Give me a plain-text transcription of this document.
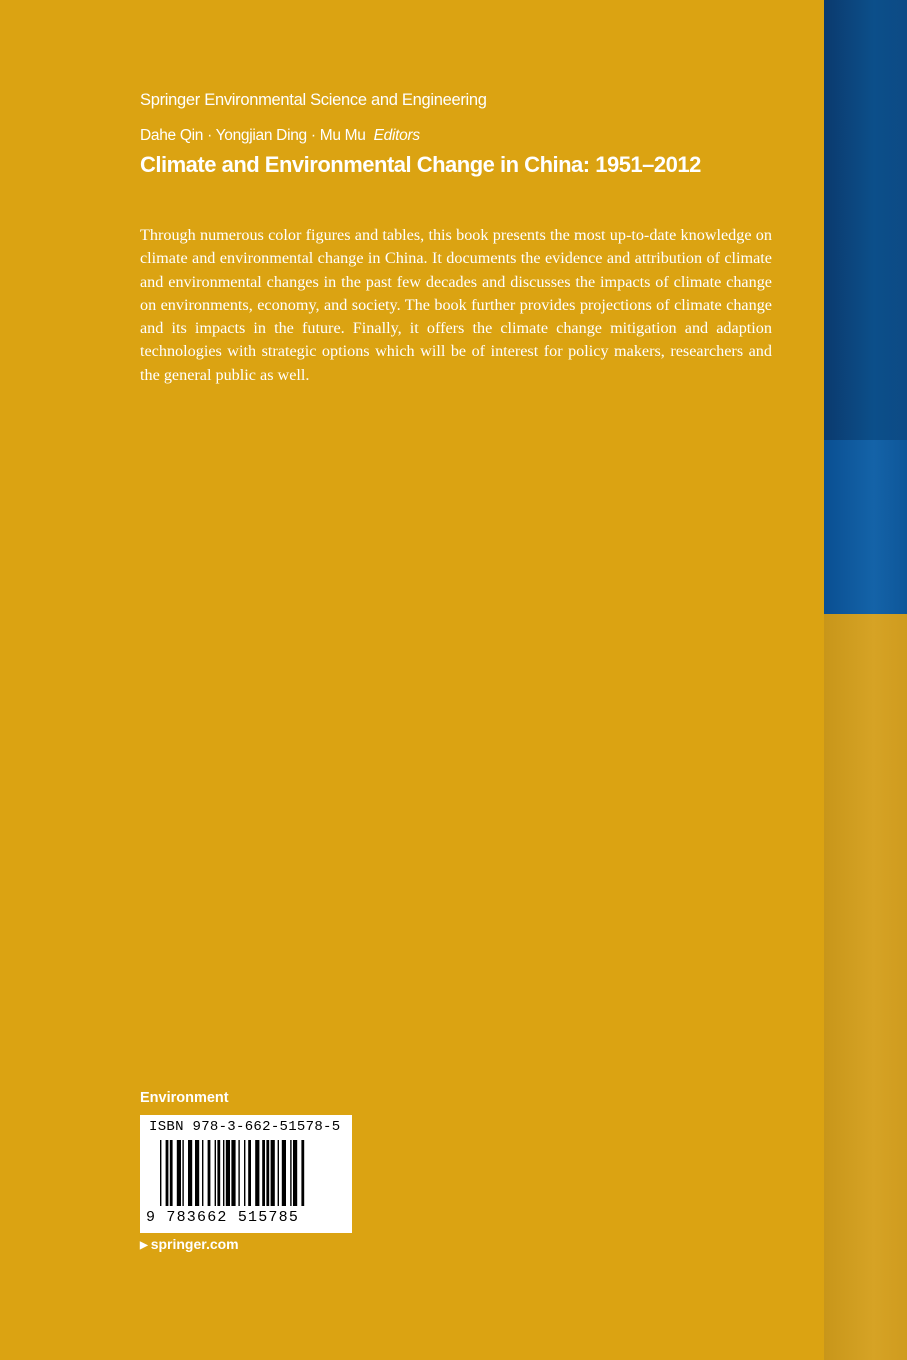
Springer Environmental Science and Engineering
Dahe Qin · Yongjian Ding · Mu Mu Editors
Climate and Environmental Change in China: 1951–2012
Through numerous color figures and tables, this book presents the most up-to-date knowledge on climate and environmental change in China. It documents the evidence and attribution of climate and environmental changes in the past few decades and discusses the impacts of climate change on environments, economy, and society. The book further provides projections of climate change and its impacts in the future. Finally, it offers the climate change mitigation and adaption technologies with strategic options which will be of interest for policy makers, researchers and the general public as well.
Environment
ISBN 978-3-662-51578-5
9 783662 515785
▶ springer.com
